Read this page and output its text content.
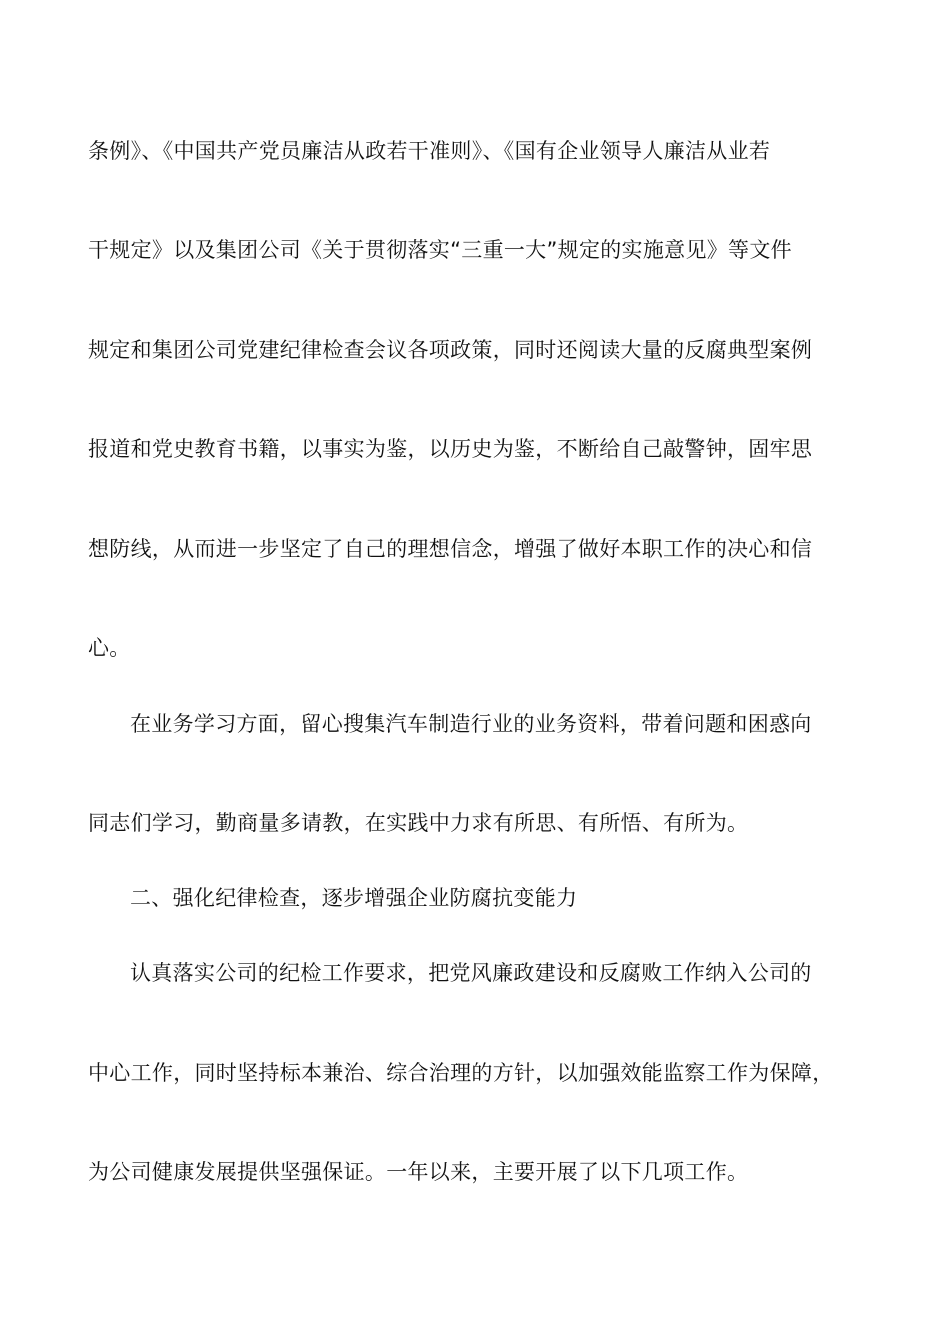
条例》、《中国共产党员廉洁从政若干准则》、《国有企业领导人廉洁从业若
干规定》以及集团公司《关于贯彻落实“三重一大”规定的实施意见》等文件
规定和集团公司党建纪律检查会议各项政策，同时还阅读大量的反腐典型案例
报道和党史教育书籍，以事实为鉴，以历史为鉴，不断给自己敲警钟，固牢思
想防线，从而进一步坚定了自己的理想信念，增强了做好本职工作的决心和信
心。
在业务学习方面，留心搜集汽车制造行业的业务资料，带着问题和困惑向
同志们学习，勤商量多请教，在实践中力求有所思、有所悟、有所为。
二、强化纪律检查，逐步增强企业防腐抗变能力
认真落实公司的纪检工作要求，把党风廉政建设和反腐败工作纳入公司的
中心工作，同时坚持标本兼治、综合治理的方针，以加强效能监察工作为保障，
为公司健康发展提供坚强保证。一年以来，主要开展了以下几项工作。
